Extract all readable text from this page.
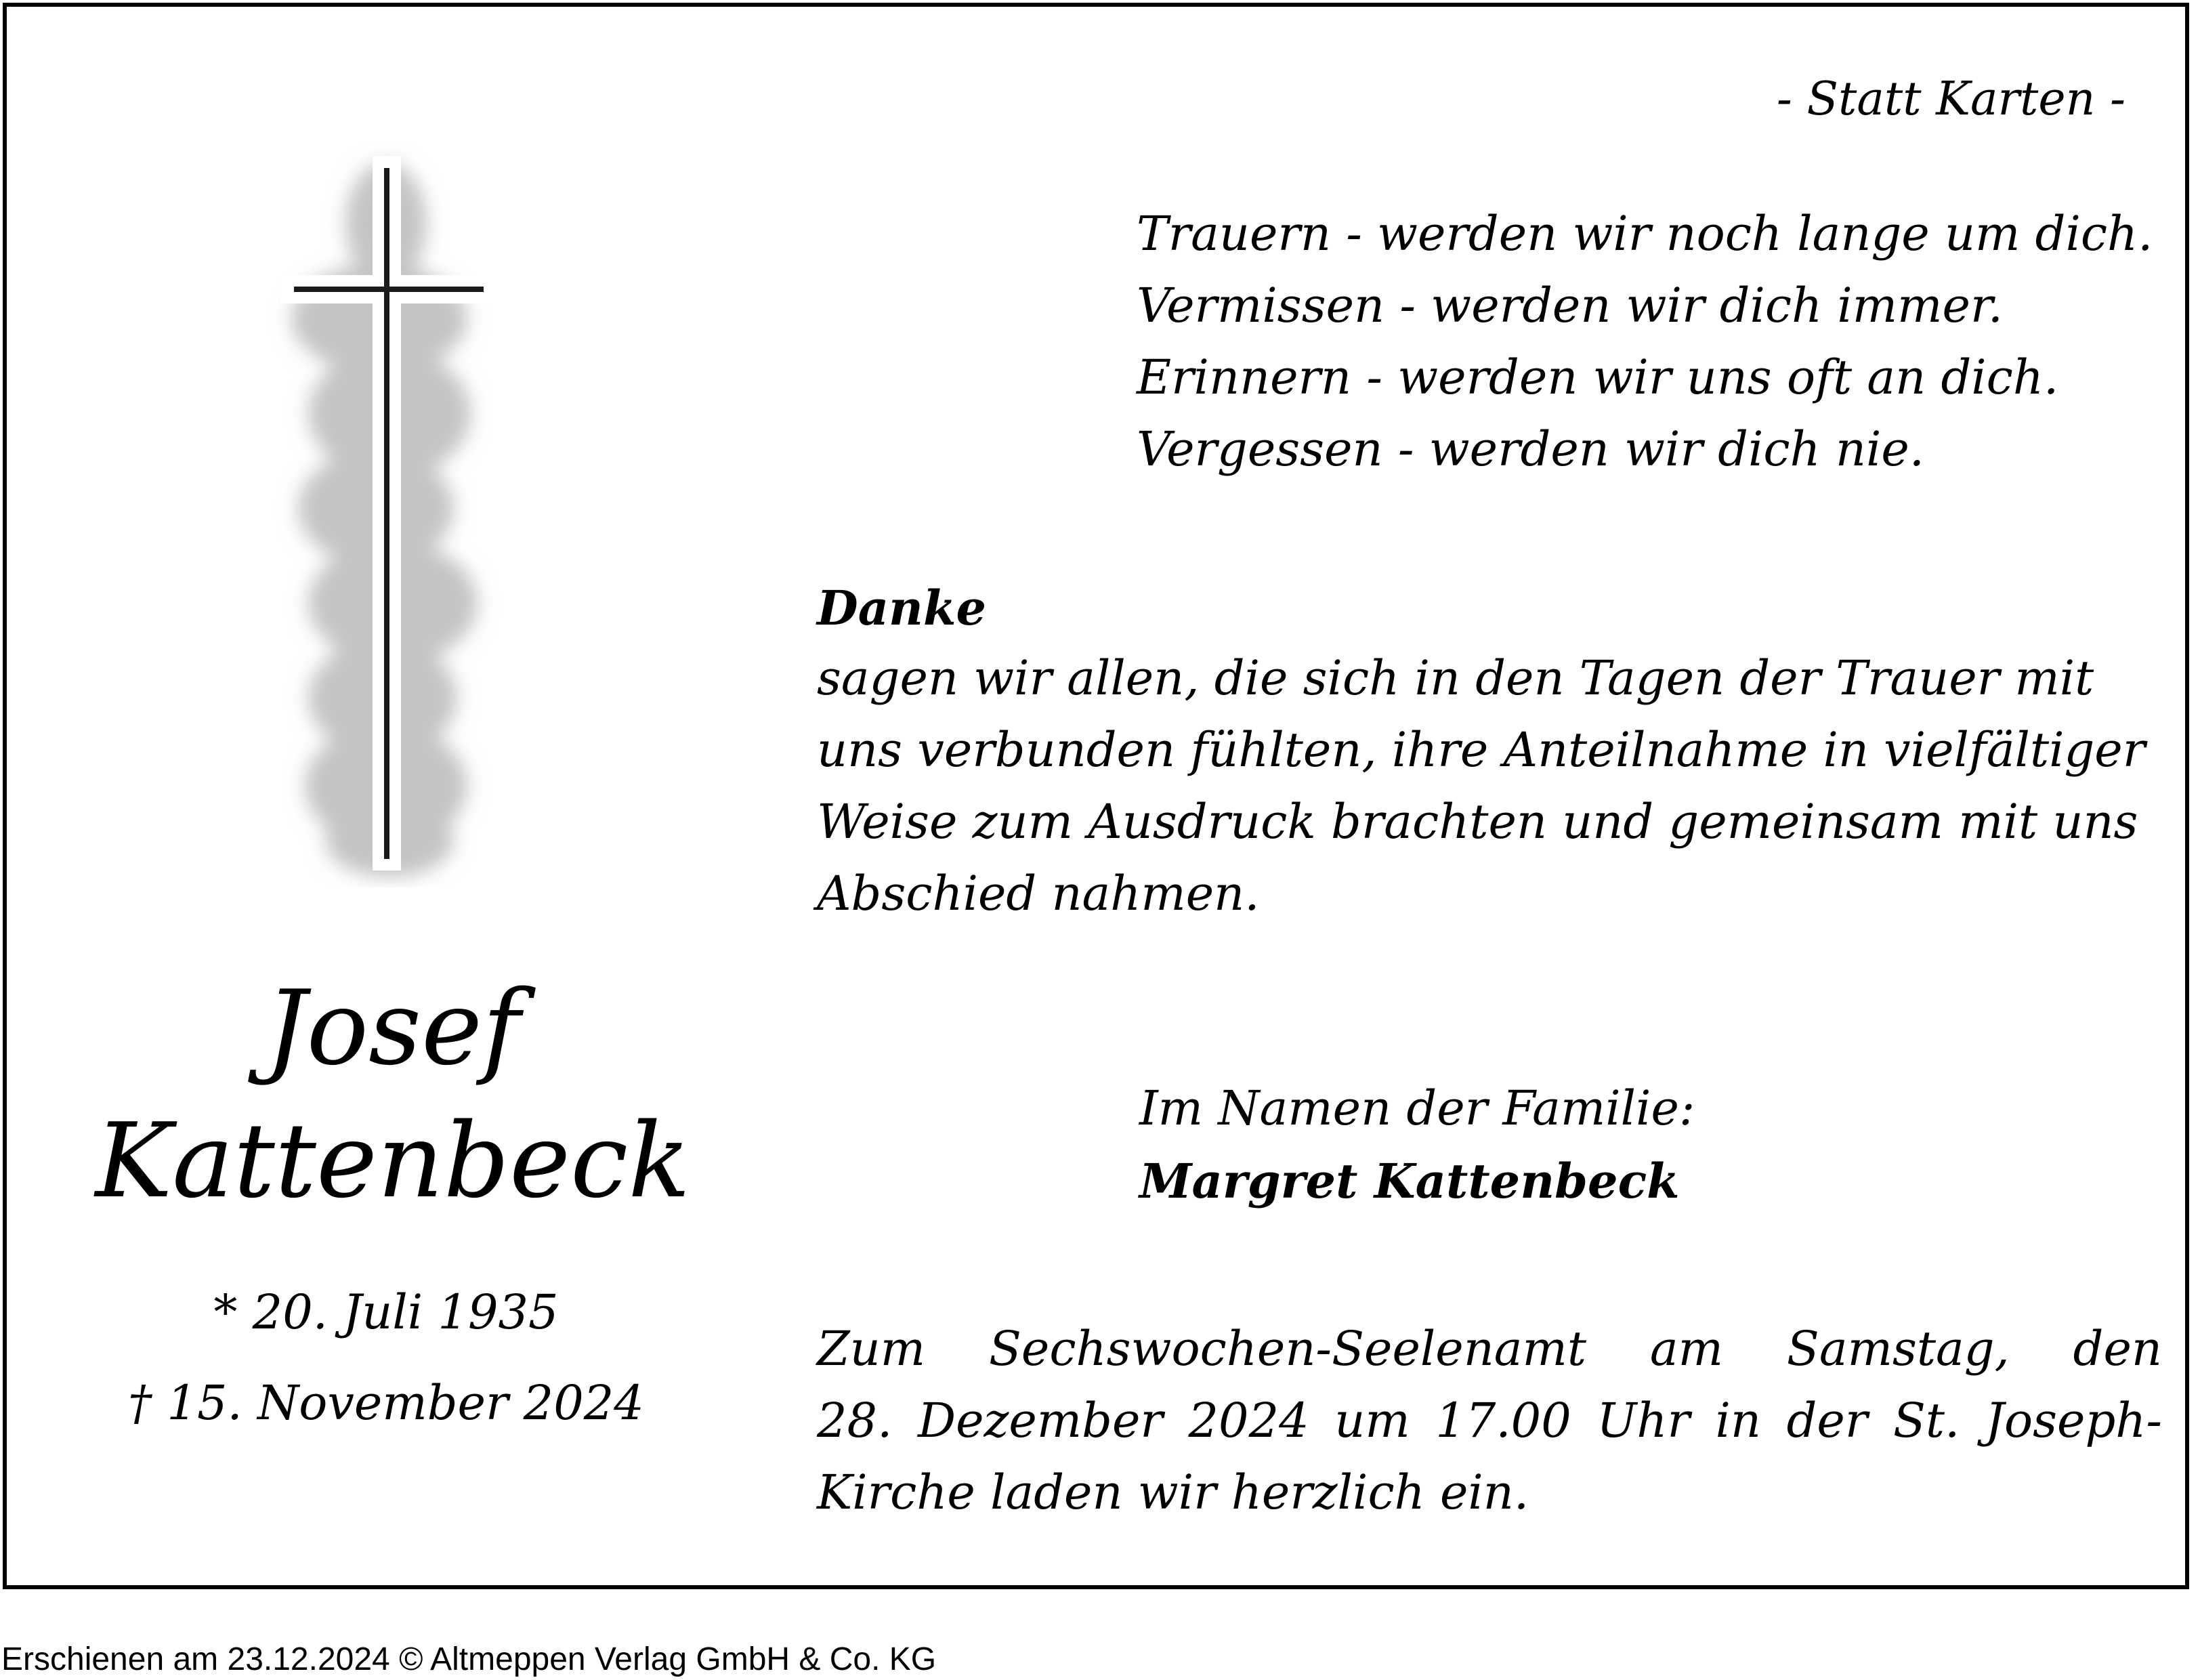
- Statt Karten -
Trauern - werden wir noch lange um dich.
Vermissen - werden wir dich immer.
Erinnern - werden wir uns oft an dich.
Vergessen - werden wir dich nie.
Danke
sagen wir allen, die sich in den Tagen der Trauer mit
uns verbunden fühlten, ihre Anteilnahme in vielfältiger
Weise zum Ausdruck brachten und gemeinsam mit uns
Abschied nahmen.
Im Namen der Familie:
Margret Kattenbeck
Zum Sechswochen-Seelenamt am Samstag, den
28. Dezember 2024 um 17.00 Uhr in der St. Joseph-
Kirche laden wir herzlich ein.
Josef
Kattenbeck
* 20. Juli 1935
† 15. November 2024
Erschienen am 23.12.2024 © Altmeppen Verlag GmbH & Co. KG
